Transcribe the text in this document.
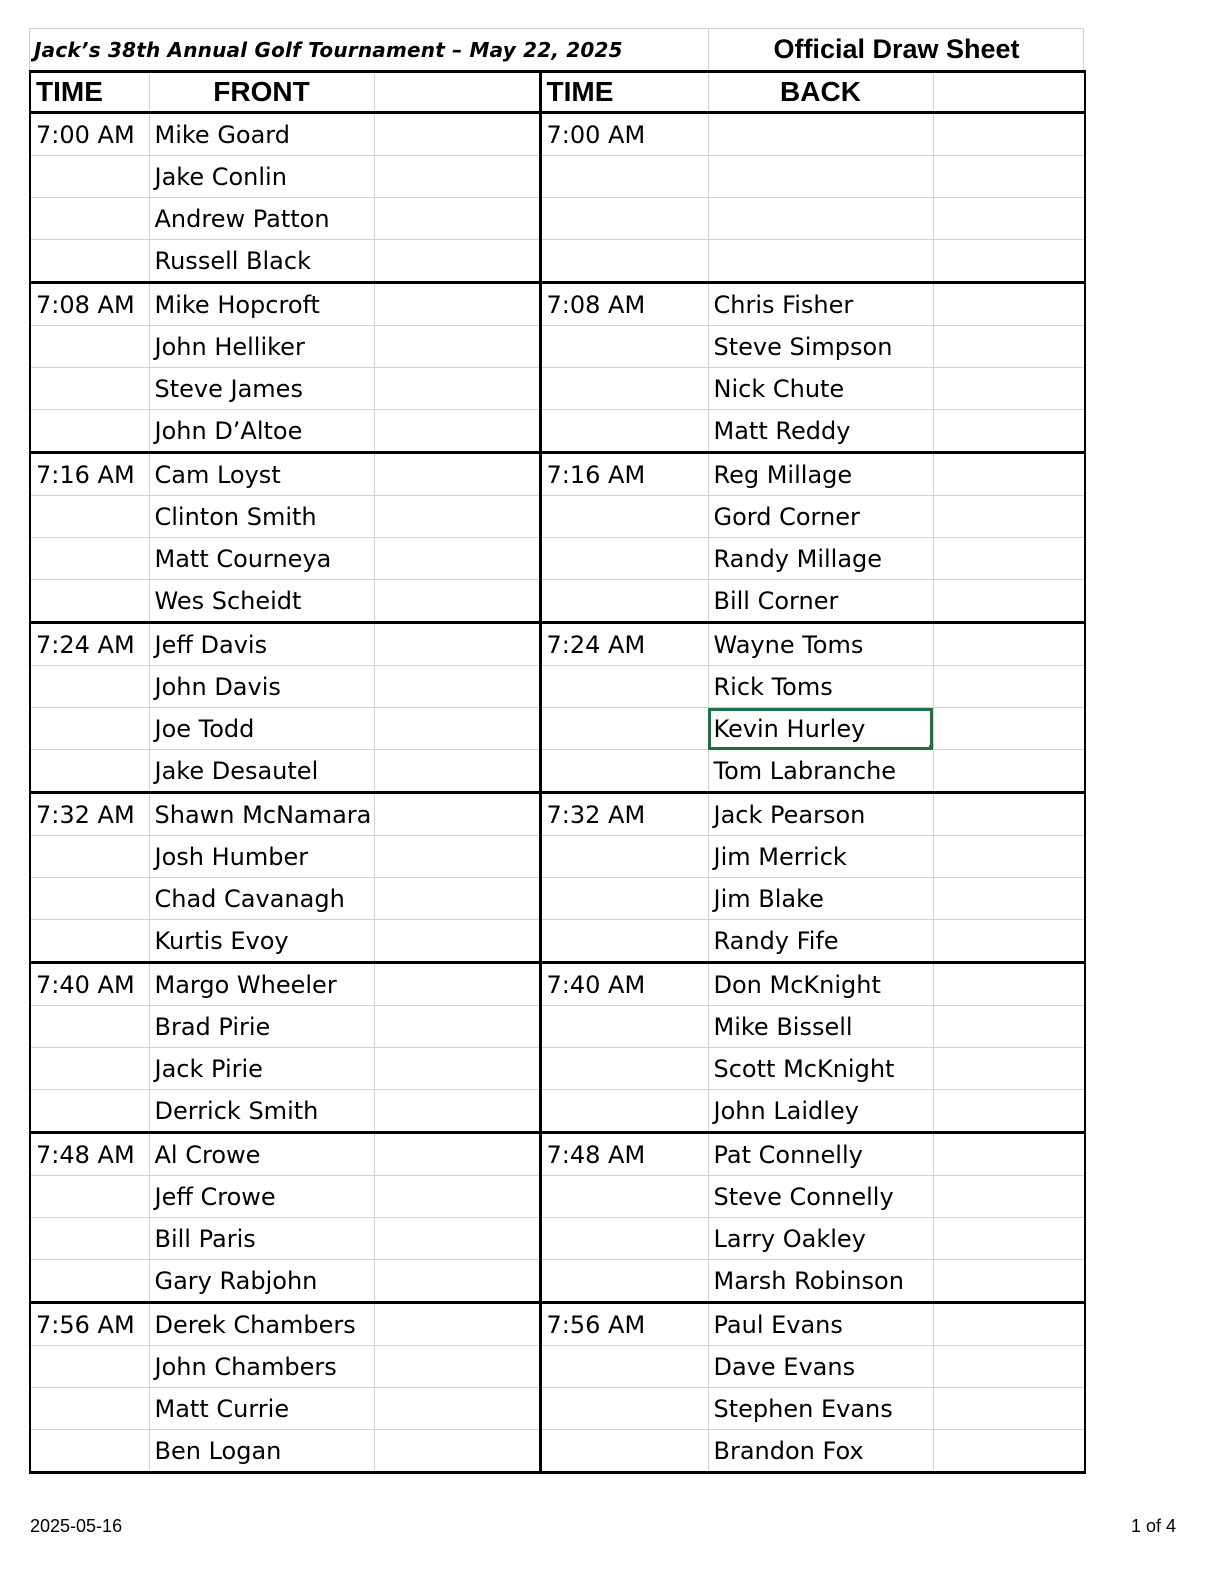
Jack’s 38th Annual Golf Tournament – May 22, 2025	Official Draw Sheet
TIME	FRONT		TIME	BACK	
7:00 AM	Mike Goard		7:00 AM		
	Jake Conlin				
	Andrew Patton				
	Russell Black				
7:08 AM	Mike Hopcroft		7:08 AM	Chris Fisher	
	John Helliker			Steve Simpson	
	Steve James			Nick Chute	
	John D’Altoe			Matt Reddy	
7:16 AM	Cam Loyst		7:16 AM	Reg Millage	
	Clinton Smith			Gord Corner	
	Matt Courneya			Randy Millage	
	Wes Scheidt			Bill Corner	
7:24 AM	Jeff Davis		7:24 AM	Wayne Toms	
	John Davis			Rick Toms	
	Joe Todd			Kevin Hurley

	Jake Desautel			Tom Labranche	
7:32 AM	Shawn McNamara		7:32 AM	Jack Pearson	
	Josh Humber			Jim Merrick	
	Chad Cavanagh			Jim Blake	
	Kurtis Evoy			Randy Fife	
7:40 AM	Margo Wheeler		7:40 AM	Don McKnight	
	Brad Pirie			Mike Bissell	
	Jack Pirie			Scott McKnight	
	Derrick Smith			John Laidley	
7:48 AM	Al Crowe		7:48 AM	Pat Connelly	
	Jeff Crowe			Steve Connelly	
	Bill Paris			Larry Oakley	
	Gary Rabjohn			Marsh Robinson	
7:56 AM	Derek Chambers		7:56 AM	Paul Evans	
	John Chambers			Dave Evans	
	Matt Currie			Stephen Evans	
	Ben Logan			Brandon Fox	
2025-05-16	1 of 4
